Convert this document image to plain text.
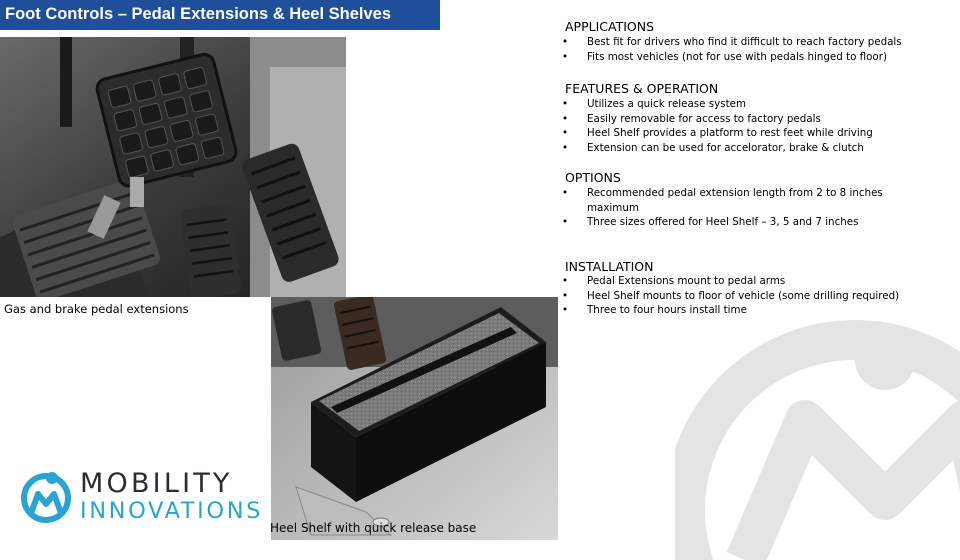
Foot Controls – Pedal Extensions & Heel Shelves
Gas and brake pedal extensions
Heel Shelf with quick release base
APPLICATIONS
• Best fit for drivers who find it difficult to reach factory pedals
• Fits most vehicles (not for use with pedals hinged to floor)
FEATURES & OPERATION
• Utilizes a quick release system
• Easily removable for access to factory pedals
• Heel Shelf provides a platform to rest feet while driving
• Extension can be used for accelorator, brake & clutch
OPTIONS
• Recommended pedal extension length from 2 to 8 inches maximum
• Three sizes offered for Heel Shelf – 3, 5 and 7 inches
INSTALLATION
• Pedal Extensions mount to pedal arms
• Heel Shelf mounts to floor of vehicle (some drilling required)
• Three to four hours install time
MOBILITY
INNOVATIONS
